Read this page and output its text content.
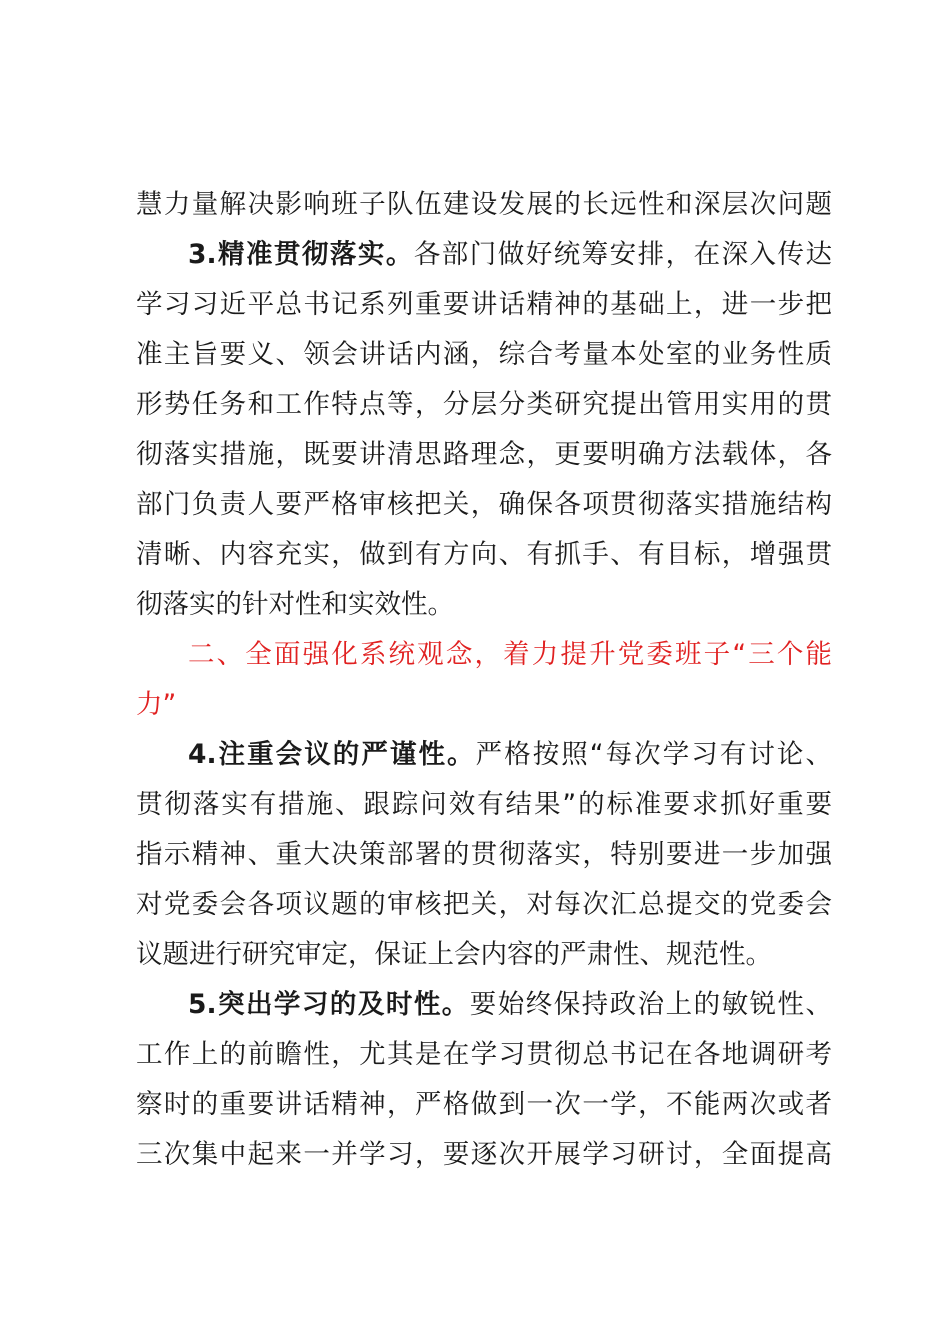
慧力量解决影响班子队伍建设发展的长远性和深层次问题
3.精准贯彻落实。各部门做好统筹安排，在深入传达
学习习近平总书记系列重要讲话精神的基础上，进一步把
准主旨要义、领会讲话内涵，综合考量本处室的业务性质
形势任务和工作特点等，分层分类研究提出管用实用的贯
彻落实措施，既要讲清思路理念，更要明确方法载体，各
部门负责人要严格审核把关，确保各项贯彻落实措施结构
清晰、内容充实，做到有方向、有抓手、有目标，增强贯
彻落实的针对性和实效性。
二、全面强化系统观念，着力提升党委班子“三个能
力”
4.注重会议的严谨性。严格按照“每次学习有讨论、
贯彻落实有措施、跟踪问效有结果”的标准要求抓好重要
指示精神、重大决策部署的贯彻落实，特别要进一步加强
对党委会各项议题的审核把关，对每次汇总提交的党委会
议题进行研究审定，保证上会内容的严肃性、规范性。
5.突出学习的及时性。要始终保持政治上的敏锐性、
工作上的前瞻性，尤其是在学习贯彻总书记在各地调研考
察时的重要讲话精神，严格做到一次一学，不能两次或者
三次集中起来一并学习，要逐次开展学习研讨，全面提高
